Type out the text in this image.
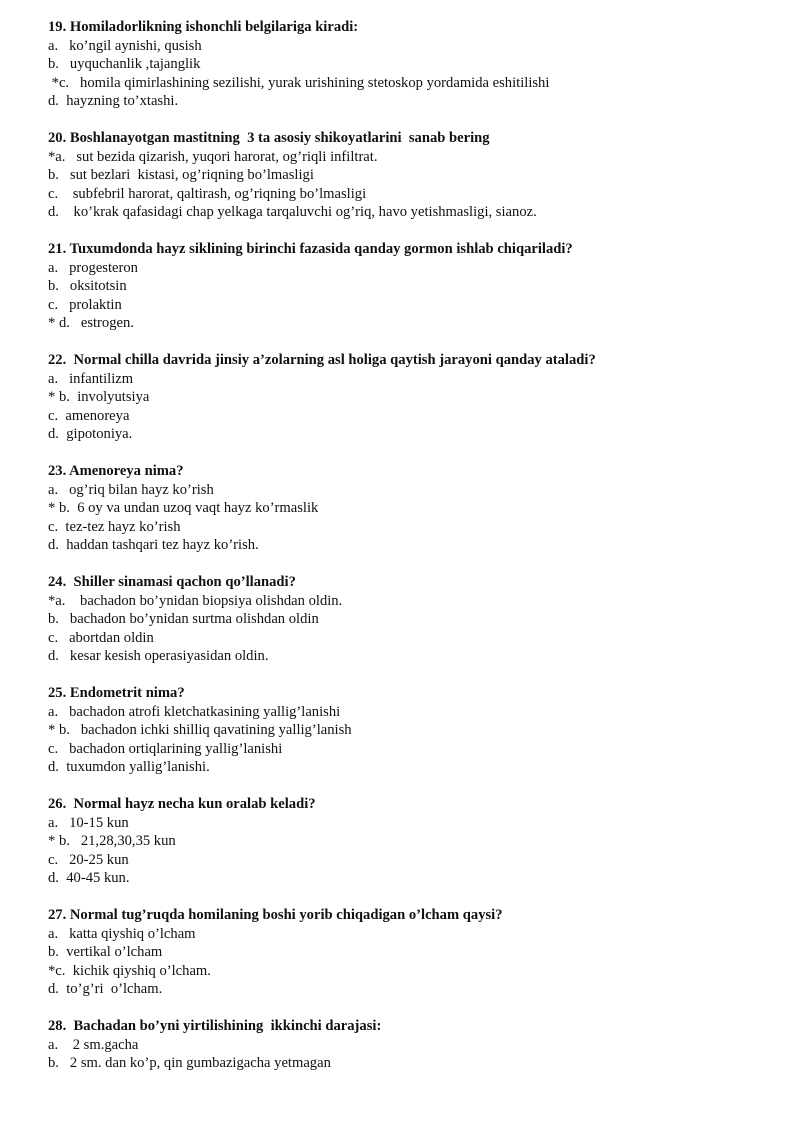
19. Homiladorlikning ishonchli belgilariga kiradi:

a.   ko’ngil aynishi, qusish

b.   uyquchanlik ,tajanglik

*c.   homila qimirlashining sezilishi, yurak urishining stetoskop yordamida eshitilishi

d.  hayzning to’xtashi.

20. Boshlanayotgan mastitning  3 ta asosiy shikoyatlarini  sanab bering

*a.   sut bezida qizarish, yuqori harorat, og’riqli infiltrat.

b.   sut bezlari  kistasi, og’riqning bo’lmasligi

c.    subfebril harorat, qaltirash, og’riqning bo’lmasligi

d.    ko’krak qafasidagi chap yelkaga tarqaluvchi og’riq, havo yetishmasligi, sianoz.

21. Tuxumdonda hayz siklining birinchi fazasida qanday gormon ishlab chiqariladi?

a.   progesteron

b.   oksitotsin

c.   prolaktin

* d.   estrogen.

22.  Normal chilla davrida jinsiy a’zolarning asl holiga qaytish jarayoni qanday ataladi?

a.   infantilizm

* b.  involyutsiya

c.  amenoreya

d.  gipotoniya.

23. Amenoreya nima?

a.   og’riq bilan hayz ko’rish

* b.  6 oy va undan uzoq vaqt hayz ko’rmaslik

c.  tez-tez hayz ko’rish

d.  haddan tashqari tez hayz ko’rish.

24.  Shiller sinamasi qachon qo’llanadi?

*a.    bachadon bo’ynidan biopsiya olishdan oldin.

b.   bachadon bo’ynidan surtma olishdan oldin

c.   abortdan oldin

d.   kesar kesish operasiyasidan oldin.

25. Endometrit nima?

a.   bachadon atrofi kletchatkasining yallig’lanishi

* b.   bachadon ichki shilliq qavatining yallig’lanish

c.   bachadon ortiqlarining yallig’lanishi

d.  tuxumdon yallig’lanishi.

26.  Normal hayz necha kun oralab keladi?

a.   10-15 kun

* b.   21,28,30,35 kun

c.   20-25 kun

d.  40-45 kun.

27. Normal tug’ruqda homilaning boshi yorib chiqadigan o’lcham qaysi?

a.   katta qiyshiq o’lcham

b.  vertikal o’lcham

*c.  kichik qiyshiq o’lcham.

d.  to’g’ri  o’lcham.

28.  Bachadan bo’yni yirtilishining  ikkinchi darajasi:

a.    2 sm.gacha

b.   2 sm. dan ko’p, qin gumbazigacha yetmagan
